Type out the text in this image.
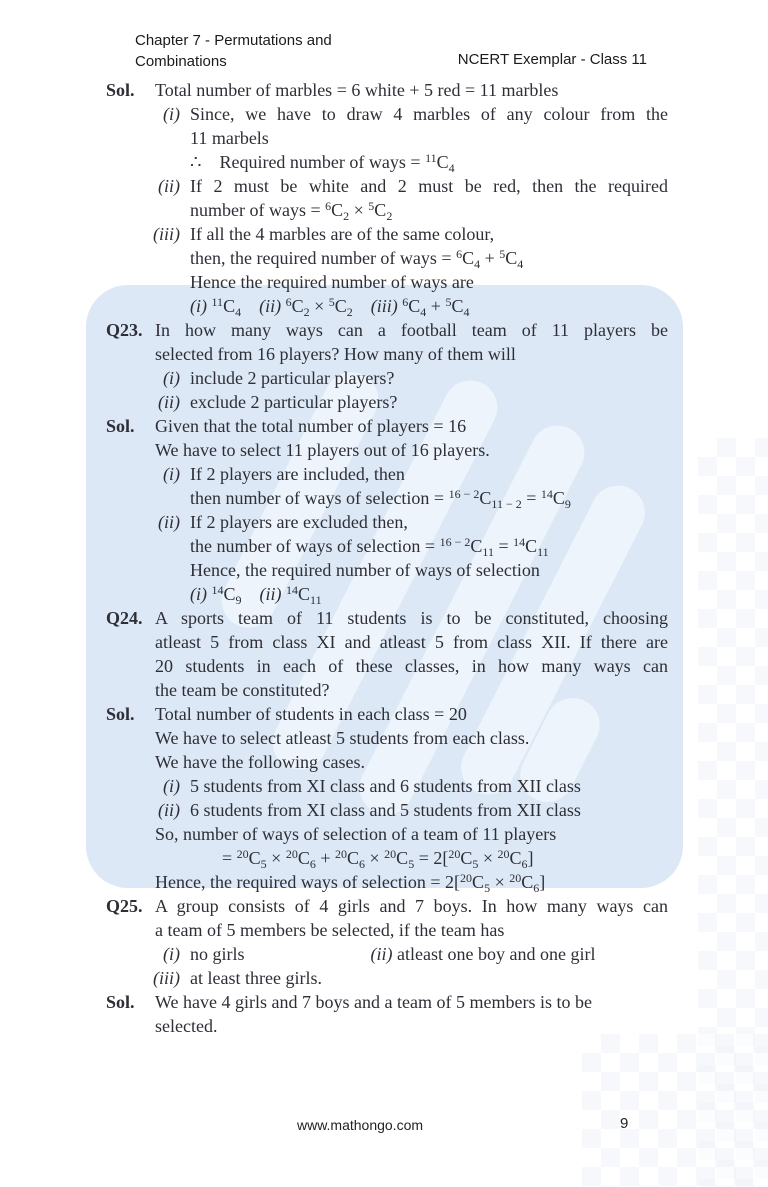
Chapter 7 - Permutations and
Combinations	NCERT Exemplar - Class 11
Sol.	Total number of marbles = 6 white + 5 red = 11 marbles
(i) Since, we have to draw 4 marbles of any colour from the
11 marbels
∴ Required number of ways = $^{11}C_4$
(ii) If 2 must be white and 2 must be red, then the required
number of ways = $^6C_2 \times ^5C_2$
(iii) If all the 4 marbles are of the same colour,
then, the required number of ways = $^6C_4 + ^5C_4$
Hence the required number of ways are
(i) $^{11}C_4$ (ii) $^6C_2 \times ^5C_2$ (iii) $^6C_4 + ^5C_4$
Q23. In how many ways can a football team of 11 players be
selected from 16 players? How many of them will
(i) include 2 particular players?
(ii) exclude 2 particular players?
Sol.	Given that the total number of players = 16
We have to select 11 players out of 16 players.
(i) If 2 players are included, then
then number of ways of selection = $^{16 - 2}C_{11 - 2} = ^{14}C_9$
(ii) If 2 players are excluded then,
the number of ways of selection = $^{16 - 2}C_{11} = ^{14}C_{11}$
Hence, the required number of ways of selection
(i) $^{14}C_9$ (ii) $^{14}C_{11}$
Q24. A sports team of 11 students is to be constituted, choosing
atleast 5 from class XI and atleast 5 from class XII. If there are
20 students in each of these classes, in how many ways can
the team be constituted?
Sol.	Total number of students in each class = 20
We have to select atleast 5 students from each class.
We have the following cases.
(i) 5 students from XI class and 6 students from XII class
(ii) 6 students from XI class and 5 students from XII class
So, number of ways of selection of a team of 11 players
= $^{20}C_5 \times ^{20}C_6 + ^{20}C_6 \times ^{20}C_5 = 2[^{20}C_5 \times ^{20}C_6]$
Hence, the required ways of selection = $2[^{20}C_5 \times ^{20}C_6]$
Q25. A group consists of 4 girls and 7 boys. In how many ways can
a team of 5 members be selected, if the team has
(i) no girls	(ii) atleast one boy and one girl
(iii) at least three girls.
Sol.	We have 4 girls and 7 boys and a team of 5 members is to be
selected.
www.mathongo.com	9
